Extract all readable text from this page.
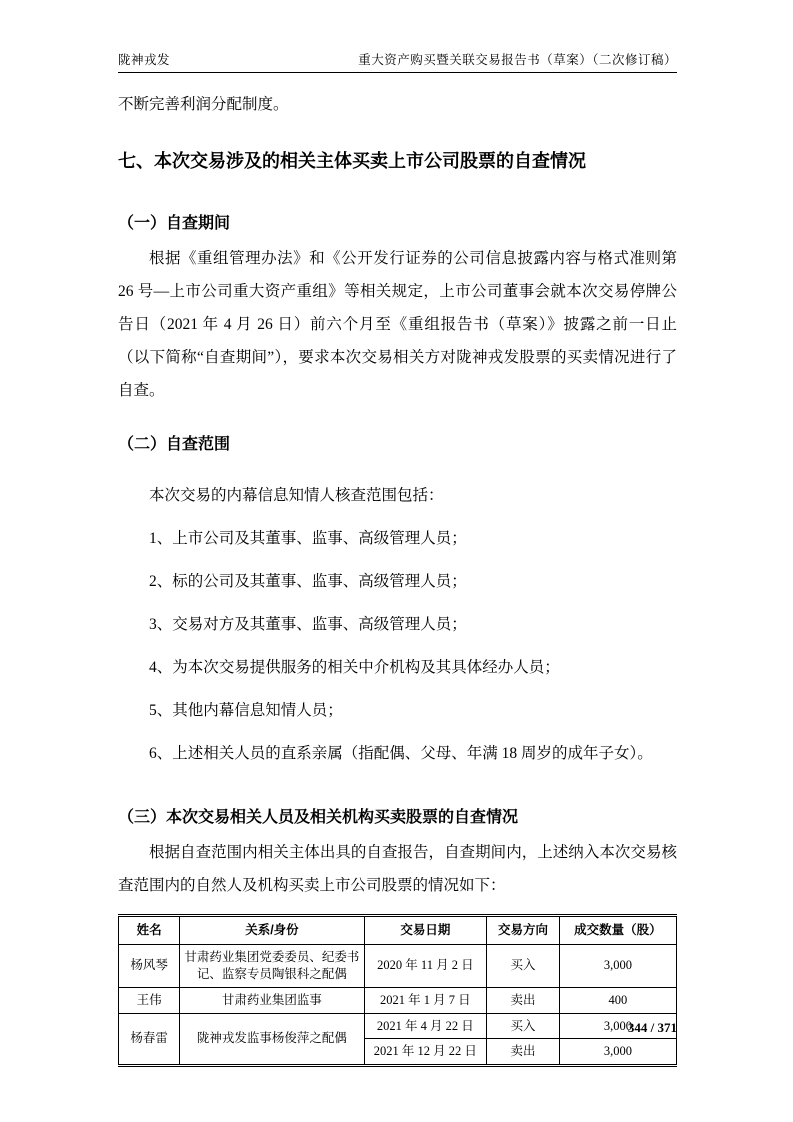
陇神戎发	重大资产购买暨关联交易报告书（草案）（二次修订稿）

不断完善利润分配制度。

七、本次交易涉及的相关主体买卖上市公司股票的自查情况
（一）自查期间

根据《重组管理办法》和《公开发行证券的公司信息披露内容与格式准则第 26 号—上市公司重大资产重组》等相关规定，上市公司董事会就本次交易停牌公告日（2021 年 4 月 26 日）前六个月至《重组报告书（草案）》披露之前一日止（以下简称“自查期间”），要求本次交易相关方对陇神戎发股票的买卖情况进行了自查。

（二）自查范围

本次交易的内幕信息知情人核查范围包括：

1、上市公司及其董事、监事、高级管理人员；
2、标的公司及其董事、监事、高级管理人员；
3、交易对方及其董事、监事、高级管理人员；
4、为本次交易提供服务的相关中介机构及其具体经办人员；
5、其他内幕信息知情人员；
6、上述相关人员的直系亲属（指配偶、父母、年满 18 周岁的成年子女）。
（三）本次交易相关人员及相关机构买卖股票的自查情况

根据自查范围内相关主体出具的自查报告，自查期间内，上述纳入本次交易核查范围内的自然人及机构买卖上市公司股票的情况如下：

姓名	关系/身份	交易日期	交易方向	成交数量（股）
杨风琴	甘肃药业集团党委委员、纪委书记、监察专员陶银科之配偶	2020 年 11 月 2 日	买入	3,000
王伟	甘肃药业集团监事	2021 年 1 月 7 日	卖出	400
杨春雷	陇神戎发监事杨俊萍之配偶	2021 年 4 月 22 日	买入	3,000
		2021 年 12 月 22 日	卖出	3,000
344 / 371
